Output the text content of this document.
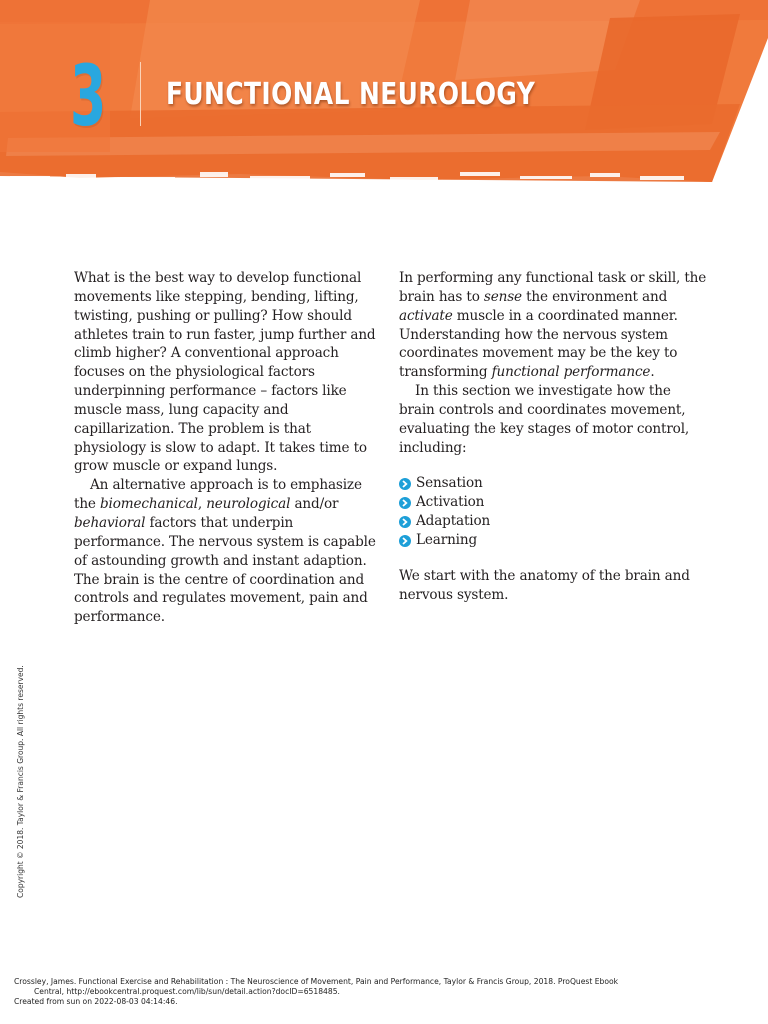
3 FUNCTIONAL NEUROLOGY

What is the best way to develop functional movements like stepping, bending, lifting, twisting, pushing or pulling? How should athletes train to run faster, jump further and climb higher? A conventional approach focuses on the physiological factors underpinning performance – factors like muscle mass, lung capacity and capillarization. The problem is that physiology is slow to adapt. It takes time to grow muscle or expand lungs.

An alternative approach is to emphasize the biomechanical, neurological and/or behavioral factors that underpin performance. The nervous system is capable of astounding growth and instant adaption. The brain is the centre of coordination and controls and regulates movement, pain and performance.

In performing any functional task or skill, the brain has to sense the environment and activate muscle in a coordinated manner. Understanding how the nervous system coordinates movement may be the key to transforming functional performance.

In this section we investigate how the brain controls and coordinates movement, evaluating the key stages of motor control, including:

Sensation
Activation
Adaptation
Learning

We start with the anatomy of the brain and nervous system.

Copyright © 2018. Taylor & Francis Group. All rights reserved.
Crossley, James. Functional Exercise and Rehabilitation : The Neuroscience of Movement, Pain and Performance, Taylor & Francis Group, 2018. ProQuest Ebook
Central, http://ebookcentral.proquest.com/lib/sun/detail.action?docID=6518485.
Created from sun on 2022-08-03 04:14:46.
